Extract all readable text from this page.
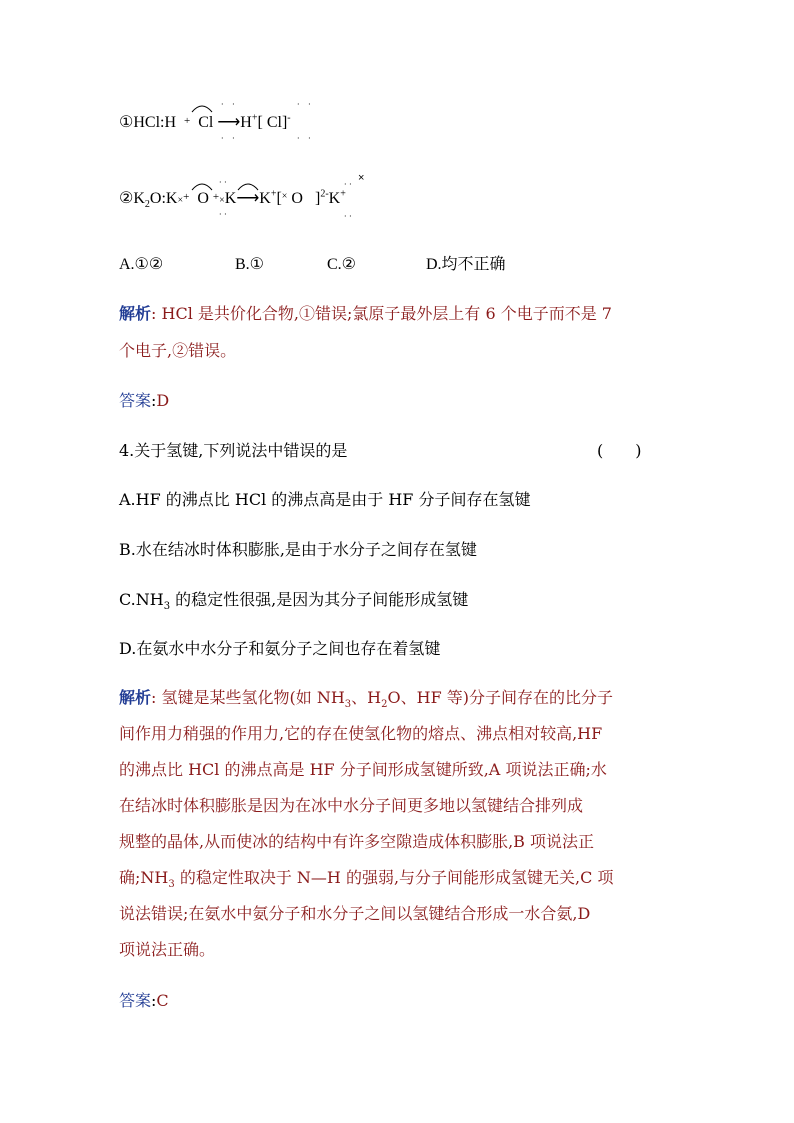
①HCl:H + Cl ⟶H+[ Cl]-
· ·
· ·
· ·
· ·
$②K_2O:K\times+ O$ +×K⟶K+[× O ]$^{2-}$K+
· ·
· ·
×
· ·
· ·
A.①②	B.①	C.②	D.均不正确
解析: HCl 是共价化合物,①错误;氯原子最外层上有 6 个电子而不是 7
个电子,②错误。
答案:D
4.关于氢键,下列说法中错误的是	(　　)
A.HF 的沸点比 HCl 的沸点高是由于 HF 分子间存在氢键
B.水在结冰时体积膨胀,是由于水分子之间存在氢键
$C.NH_3$ 的稳定性很强,是因为其分子间能形成氢键
D.在氨水中水分子和氨分子之间也存在着氢键
解析: 氢键是某些氢化物(如 $NH_3$、$H_2O$、HF 等)分子间存在的比分子
间作用力稍强的作用力,它的存在使氢化物的熔点、沸点相对较高,HF
的沸点比 HCl 的沸点高是 HF 分子间形成氢键所致,A 项说法正确;水
在结冰时体积膨胀是因为在冰中水分子间更多地以氢键结合排列成
规整的晶体,从而使冰的结构中有许多空隙造成体积膨胀,B 项说法正
确$;NH_3$ 的稳定性取决于 N—H 的强弱,与分子间能形成氢键无关,C 项
说法错误;在氨水中氨分子和水分子之间以氢键结合形成一水合氨,D
项说法正确。
答案:C
